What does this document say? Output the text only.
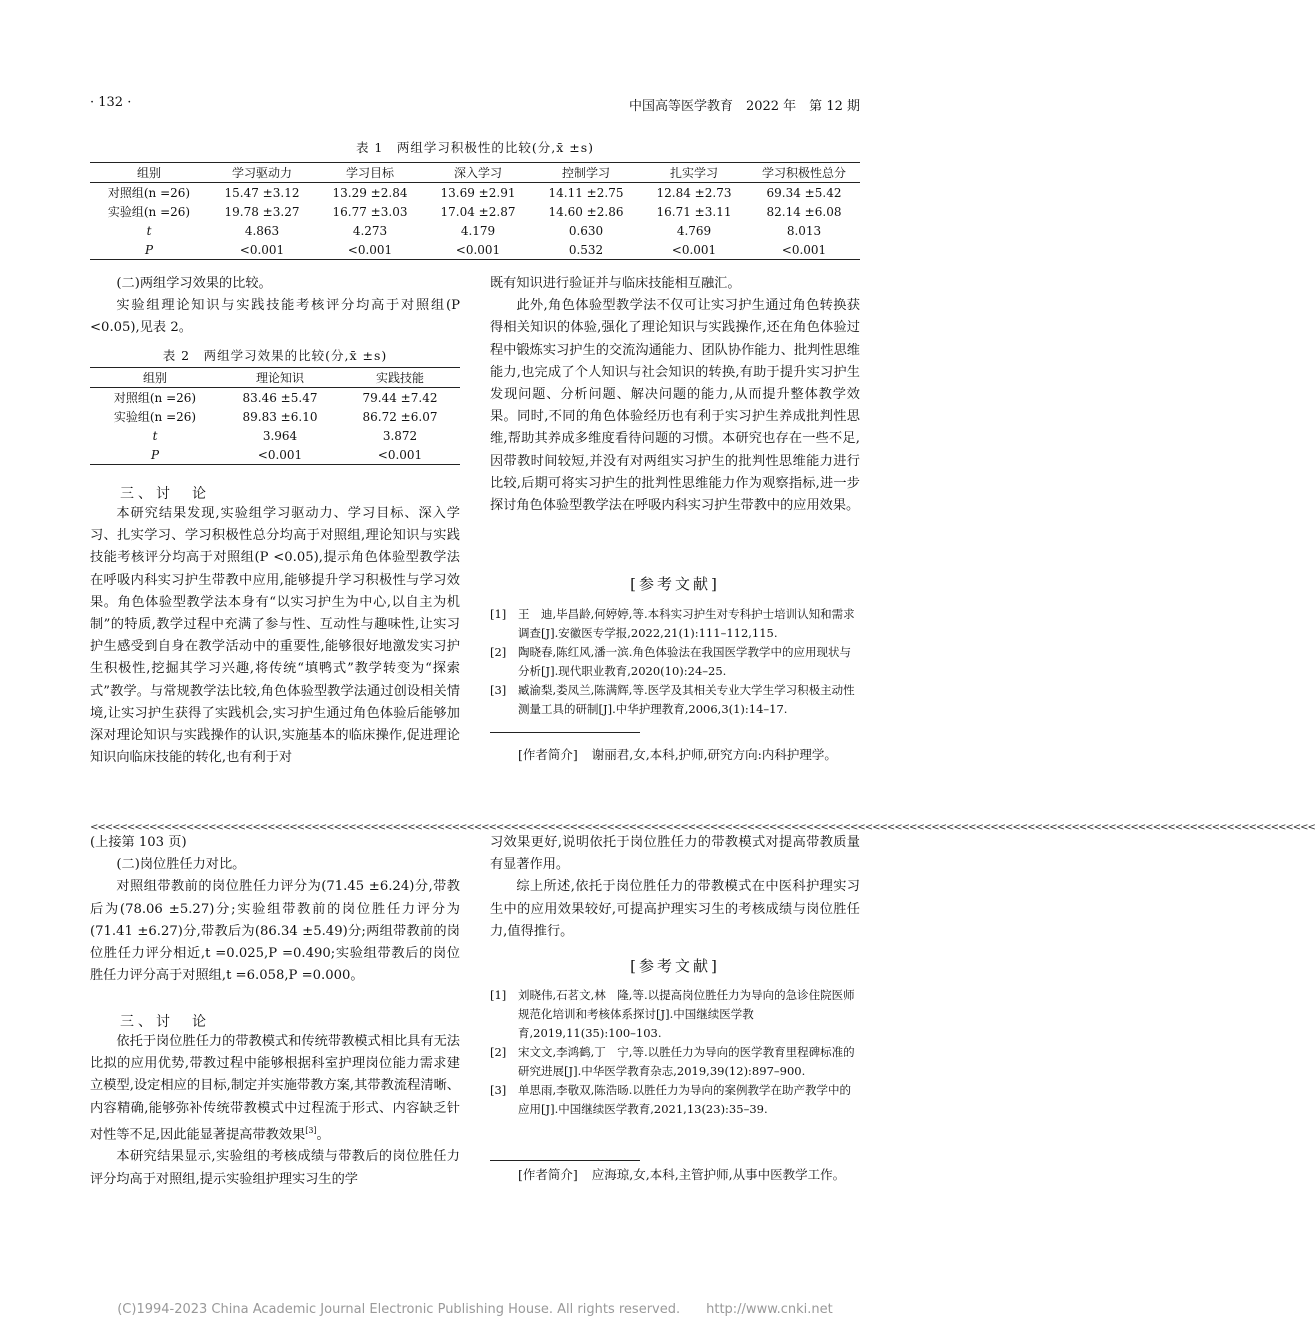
· 132 ·	中国高等医学教育　2022 年　第 12 期
表 1　两组学习积极性的比较(分,x̄ ±s)
组别	学习驱动力	学习目标	深入学习	控制学习	扎实学习	学习积极性总分
对照组(n =26)	15.47 ±3.12	13.29 ±2.84	13.69 ±2.91	14.11 ±2.75	12.84 ±2.73	69.34 ±5.42
实验组(n =26)	19.78 ±3.27	16.77 ±3.03	17.04 ±2.87	14.60 ±2.86	16.71 ±3.11	82.14 ±6.08
t	4.863	4.273	4.179	0.630	4.769	8.013
P	<0.001	<0.001	<0.001	0.532	<0.001	<0.001

(二)两组学习效果的比较。

实验组理论知识与实践技能考核评分均高于对照组(P <0.05),见表 2。

表 2　两组学习效果的比较(分,x̄ ±s)
组别	理论知识	实践技能
对照组(n =26)	83.46 ±5.47	79.44 ±7.42
实验组(n =26)	89.83 ±6.10	86.72 ±6.07
t	3.964	3.872
P	<0.001	<0.001
三、讨　论

本研究结果发现,实验组学习驱动力、学习目标、深入学习、扎实学习、学习积极性总分均高于对照组,理论知识与实践技能考核评分均高于对照组(P <0.05),提示角色体验型教学法在呼吸内科实习护生带教中应用,能够提升学习积极性与学习效果。角色体验型教学法本身有“以实习护生为中心,以自主为机制”的特质,教学过程中充满了参与性、互动性与趣味性,让实习护生感受到自身在教学活动中的重要性,能够很好地激发实习护生积极性,挖掘其学习兴趣,将传统“填鸭式”教学转变为“探索式”教学。与常规教学法比较,角色体验型教学法通过创设相关情境,让实习护生获得了实践机会,实习护生通过角色体验后能够加深对理论知识与实践操作的认识,实施基本的临床操作,促进理论知识向临床技能的转化,也有利于对

既有知识进行验证并与临床技能相互融汇。

此外,角色体验型教学法不仅可让实习护生通过角色转换获得相关知识的体验,强化了理论知识与实践操作,还在角色体验过程中锻炼实习护生的交流沟通能力、团队协作能力、批判性思维能力,也完成了个人知识与社会知识的转换,有助于提升实习护生发现问题、分析问题、解决问题的能力,从而提升整体教学效果。同时,不同的角色体验经历也有利于实习护生养成批判性思维,帮助其养成多维度看待问题的习惯。本研究也存在一些不足,因带教时间较短,并没有对两组实习护生的批判性思维能力进行比较,后期可将实习护生的批判性思维能力作为观察指标,进一步探讨角色体验型教学法在呼吸内科实习护生带教中的应用效果。

[参考文献]
[1]	王　迪,毕昌龄,何婷婷,等.本科实习护生对专科护士培训认知和需求调查[J].安徽医专学报,2022,21(1):111–112,115.
[2]	陶晓春,陈红风,潘一滨.角色体验法在我国医学教学中的应用现状与分析[J].现代职业教育,2020(10):24–25.
[3]	臧渝梨,娄凤兰,陈满辉,等.医学及其相关专业大学生学习积极主动性测量工具的研制[J].中华护理教育,2006,3(1):14–17.
[作者简介] 谢丽君,女,本科,护师,研究方向:内科护理学。
<<<<<<<<<<<<<<<<<<<<<<<<<<<<<<<<<<<<<<<<<<<<<<<<<<<<<<<<<<<<<<<<<<<<<<<<<<<<<<<<<<<<<<<<<<<<<<<<<<<<<<<<<<<<<<<<<<<<<<<<<<<<<<<<<<<<<<<<<<<<<<<<<<<<<<<<<<<<<<<<<<<<<<

(上接第 103 页)

(二)岗位胜任力对比。

对照组带教前的岗位胜任力评分为(71.45 ±6.24)分,带教后为(78.06 ±5.27)分;实验组带教前的岗位胜任力评分为(71.41 ±6.27)分,带教后为(86.34 ±5.49)分;两组带教前的岗位胜任力评分相近,t =0.025,P =0.490;实验组带教后的岗位胜任力评分高于对照组,t =6.058,P =0.000。

三、讨　论

依托于岗位胜任力的带教模式和传统带教模式相比具有无法比拟的应用优势,带教过程中能够根据科室护理岗位能力需求建立模型,设定相应的目标,制定并实施带教方案,其带教流程清晰、内容精确,能够弥补传统带教模式中过程流于形式、内容缺乏针对性等不足,因此能显著提高带教效果[3]。

本研究结果显示,实验组的考核成绩与带教后的岗位胜任力评分均高于对照组,提示实验组护理实习生的学

习效果更好,说明依托于岗位胜任力的带教模式对提高带教质量有显著作用。

综上所述,依托于岗位胜任力的带教模式在中医科护理实习生中的应用效果较好,可提高护理实习生的考核成绩与岗位胜任力,值得推行。

[参考文献]
[1]	刘晓伟,石茗文,林　隆,等.以提高岗位胜任力为导向的急诊住院医师规范化培训和考核体系探讨[J].中国继续医学教育,2019,11(35):100–103.
[2]	宋文文,李鸿鹤,丁　宁,等.以胜任力为导向的医学教育里程碑标准的研究进展[J].中华医学教育杂志,2019,39(12):897–900.
[3]	单思雨,李敬双,陈浩旸.以胜任力为导向的案例教学在助产教学中的应用[J].中国继续医学教育,2021,13(23):35–39.
[作者简介] 应海琼,女,本科,主管护师,从事中医教学工作。
(C)1994-2023 China Academic Journal Electronic Publishing House. All rights reserved.　　http://www.cnki.net
